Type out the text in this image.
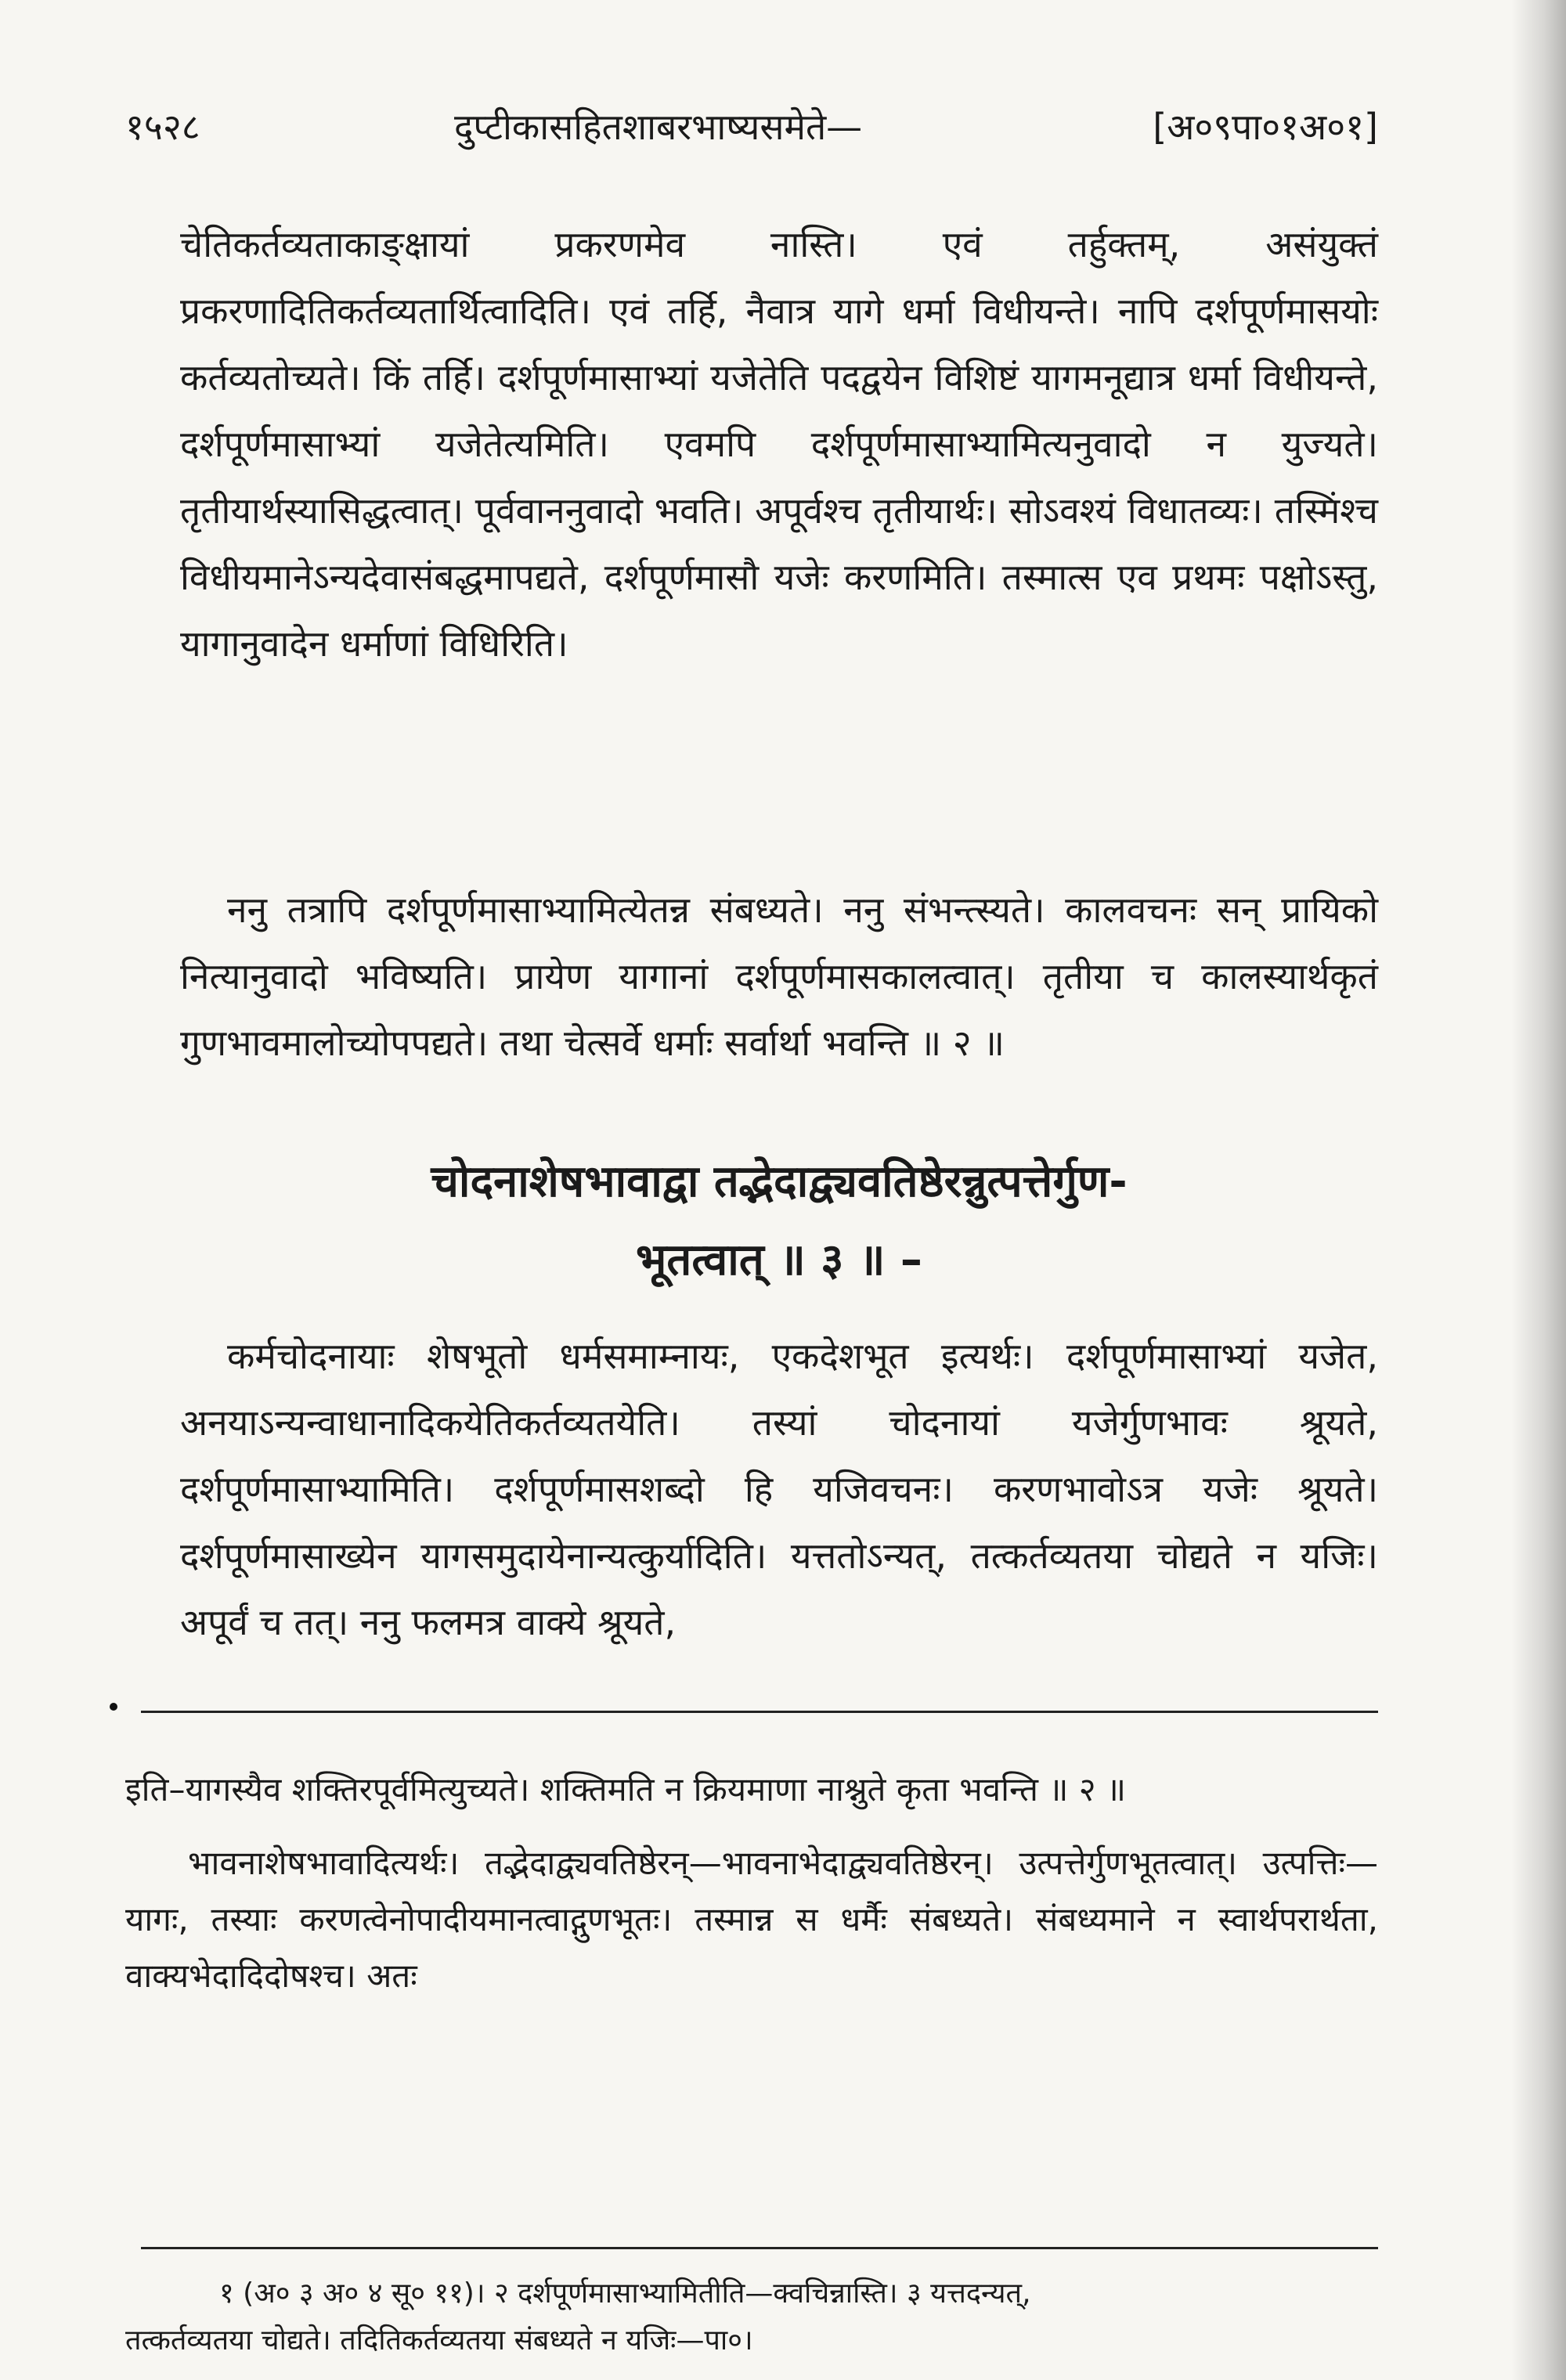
१५२८	दुप्टीकासहितशाबरभाष्यसमेते—	[अ०९पा०१अ०१]

चेतिकर्तव्यताकाङ्क्षायां प्रकरणमेव नास्ति। एवं तर्हुक्तम्, असंयुक्तं प्रकरणादितिकर्तव्यतार्थित्वादिति। एवं तर्हि, नैवात्र यागे धर्मा विधीयन्ते। नापि दर्शपूर्णमासयोः कर्तव्यतोच्यते। किं तर्हि। दर्शपूर्णमासाभ्यां यजेतेति पदद्वयेन विशिष्टं यागमनूद्यात्र धर्मा विधीयन्ते, दर्शपूर्णमासाभ्यां यजेतेत्यमिति। एवमपि दर्शपूर्णमासाभ्यामित्यनुवादो न युज्यते। तृतीयार्थस्यासिद्धत्वात्। पूर्ववाननुवादो भवति। अपूर्वश्च तृतीयार्थः। सोऽवश्यं विधातव्यः। तस्मिंश्च विधीयमानेऽन्यदेवासंबद्धमापद्यते, दर्शपूर्णमासौ यजेः करणमिति। तस्मात्स एव प्रथमः पक्षोऽस्तु, यागानुवादेन धर्माणां विधिरिति।

ननु तत्रापि दर्शपूर्णमासाभ्यामित्येतन्न संबध्यते। ननु संभन्त्स्यते। कालवचनः सन् प्रायिको नित्यानुवादो भविष्यति। प्रायेण यागानां दर्शपूर्णमासकालत्वात्। तृतीया च कालस्यार्थकृतं गुणभावमालोच्योपपद्यते। तथा चेत्सर्वे धर्माः सर्वार्था भवन्ति ॥ २ ॥

चोदनाशेषभावाद्वा तद्भेदाद्व्यवतिष्ठेरन्नुत्पत्तेर्गुण-
भूतत्वात् ॥ ३ ॥ –

कर्मचोदनायाः शेषभूतो धर्मसमाम्नायः, एकदेशभूत इत्यर्थः। दर्शपूर्णमासाभ्यां यजेत, अनयाऽन्यन्वाधानादिकयेतिकर्तव्यतयेति। तस्यां चोदनायां यजेर्गुणभावः श्रूयते, दर्शपूर्णमासाभ्यामिति। दर्शपूर्णमासशब्दो हि यजिवचनः। करणभावोऽत्र यजेः श्रूयते। दर्शपूर्णमासाख्येन यागसमुदायेनान्यत्कुर्यादिति। यत्ततोऽन्यत्, तत्कर्तव्यतया चोद्यते न यजिः। अपूर्वं च तत्। ननु फलमत्र वाक्ये श्रूयते,

इति–यागस्यैव शक्तिरपूर्वमित्युच्यते। शक्तिमति न क्रियमाणा नाश्नुते कृता भवन्ति ॥ २ ॥

भावनाशेषभावादित्यर्थः। तद्भेदाद्व्यवतिष्ठेरन्—भावनाभेदाद्व्यवतिष्ठेरन्। उत्पत्तेर्गुणभूतत्वात्। उत्पत्तिः—यागः, तस्याः करणत्वेनोपादीयमानत्वाद्गुणभूतः। तस्मान्न स धर्मैः संबध्यते। संबध्यमाने न स्वार्थपरार्थता, वाक्यभेदादिदोषश्च। अतः

१ (अ० ३ अ० ४ सू० ११)। २ दर्शपूर्णमासाभ्यामितीति—क्वचिन्नास्ति। ३ यत्तदन्यत्,

तत्कर्तव्यतया चोद्यते। तदितिकर्तव्यतया संबध्यते न यजिः—पा०।
